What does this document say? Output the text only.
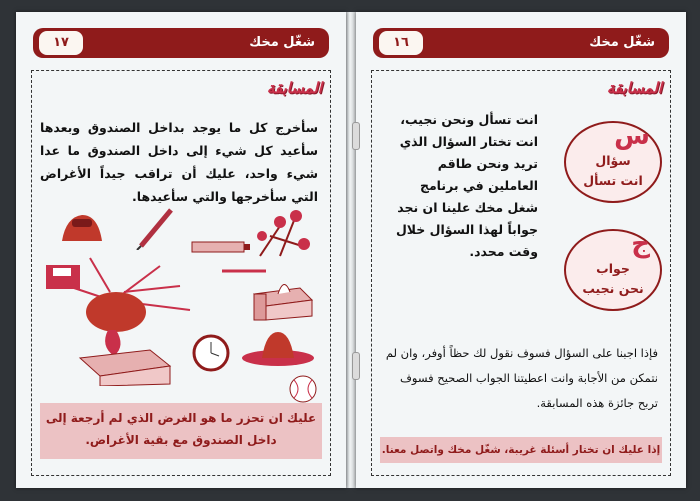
شغّل مخك
١٧
المسابقة
سأخرج كل ما يوجد بداخل الصندوق وبعدها سأعيد كل شيء إلى داخل الصندوق ما عدا شيء واحد، عليك أن تراقب جيداً الأغراض التي سأخرجها والتي سأعيدها.
عليك ان تحزر ما هو الغرض الذي لم أرجعة إلى داخل الصندوق مع بقية الأغراض.
شغّل مخك
١٦
المسابقة
س
سؤال
انت تسأل
ج
جواب
نحن نجيب
انت تسأل ونحن نجيب، انت تختار السؤال الذي تريد ونحن طاقم العاملين في برنامج شغل مخك علينا ان نجد جواباً لهذا السؤال خلال وقت محدد.
فإذا اجبنا على السؤال فسوف نقول لك حظاً أوفر، وان لم نتمكن من الأجابة وانت اعطيتنا الجواب الصحيح فسوف تربح جائزة هذه المسابقة.
إذا عليك ان تختار أسئلة غريبة، شغّل مخك واتصل معنا.
